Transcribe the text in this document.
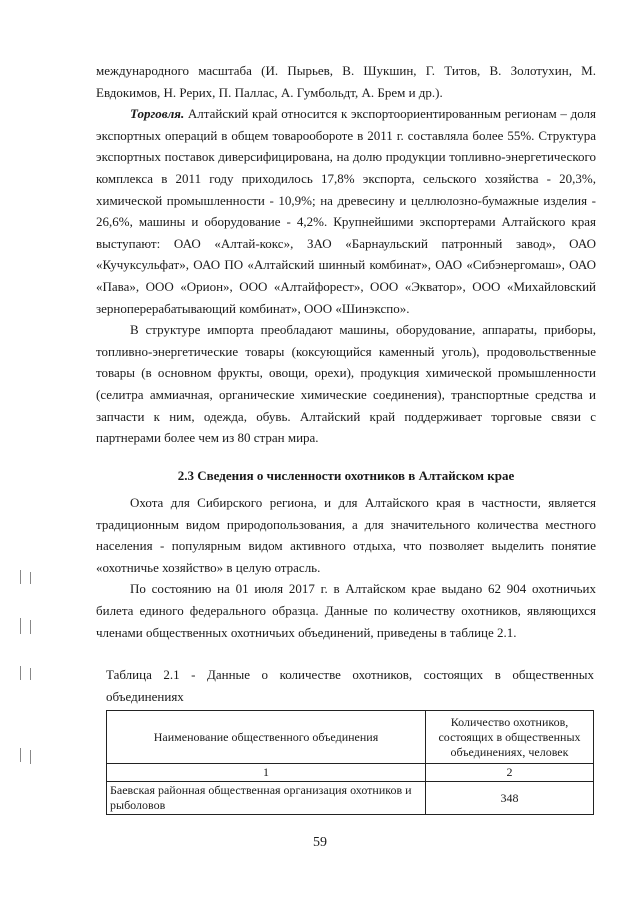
международного масштаба (И. Пырьев, В. Шукшин, Г. Титов, В. Золотухин, М. Евдокимов, Н. Рерих, П. Паллас, А. Гумбольдт, А. Брем и др.).

Торговля. Алтайский край относится к экспортоориентированным регионам – доля экспортных операций в общем товарообороте в 2011 г. составляла более 55%. Структура экспортных поставок диверсифицирована, на долю продукции топливно-энергетического комплекса в 2011 году приходилось 17,8% экспорта, сельского хозяйства - 20,3%, химической промышленности - 10,9%; на древесину и целлюлозно-бумажные изделия - 26,6%, машины и оборудование - 4,2%. Крупнейшими экспортерами Алтайского края выступают: ОАО «Алтай-кокс», ЗАО «Барнаульский патронный завод», ОАО «Кучуксульфат», ОАО ПО «Алтайский шинный комбинат», ОАО «Сибэнергомаш», ОАО «Пава», ООО «Орион», ООО «Алтайфорест», ООО «Экватор», ООО «Михайловский зерноперерабатывающий комбинат», ООО «Шинэкспо».

В структуре импорта преобладают машины, оборудование, аппараты, приборы, топливно-энергетические товары (коксующийся каменный уголь), продовольственные товары (в основном фрукты, овощи, орехи), продукция химической промышленности (селитра аммиачная, органические химические соединения), транспортные средства и запчасти к ним, одежда, обувь. Алтайский край поддерживает торговые связи с партнерами более чем из 80 стран мира.

2.3 Сведения о численности охотников в Алтайском крае

Охота для Сибирского региона, и для Алтайского края в частности, является традиционным видом природопользования, а для значительного количества местного населения - популярным видом активного отдыха, что позволяет выделить понятие «охотничье хозяйство» в целую отрасль.

По состоянию на 01 июля 2017 г. в Алтайском крае выдано 62 904 охотничьих билета единого федерального образца. Данные по количеству охотников, являющихся членами общественных охотничьих объединений, приведены в таблице 2.1.

Таблица 2.1 - Данные о количестве охотников, состоящих в общественных объединениях
Наименование общественного объединения	Количество охотников, состоящих в общественных объединениях, человек
1	2
Баевская районная общественная организация охотников и рыболовов	348
59
